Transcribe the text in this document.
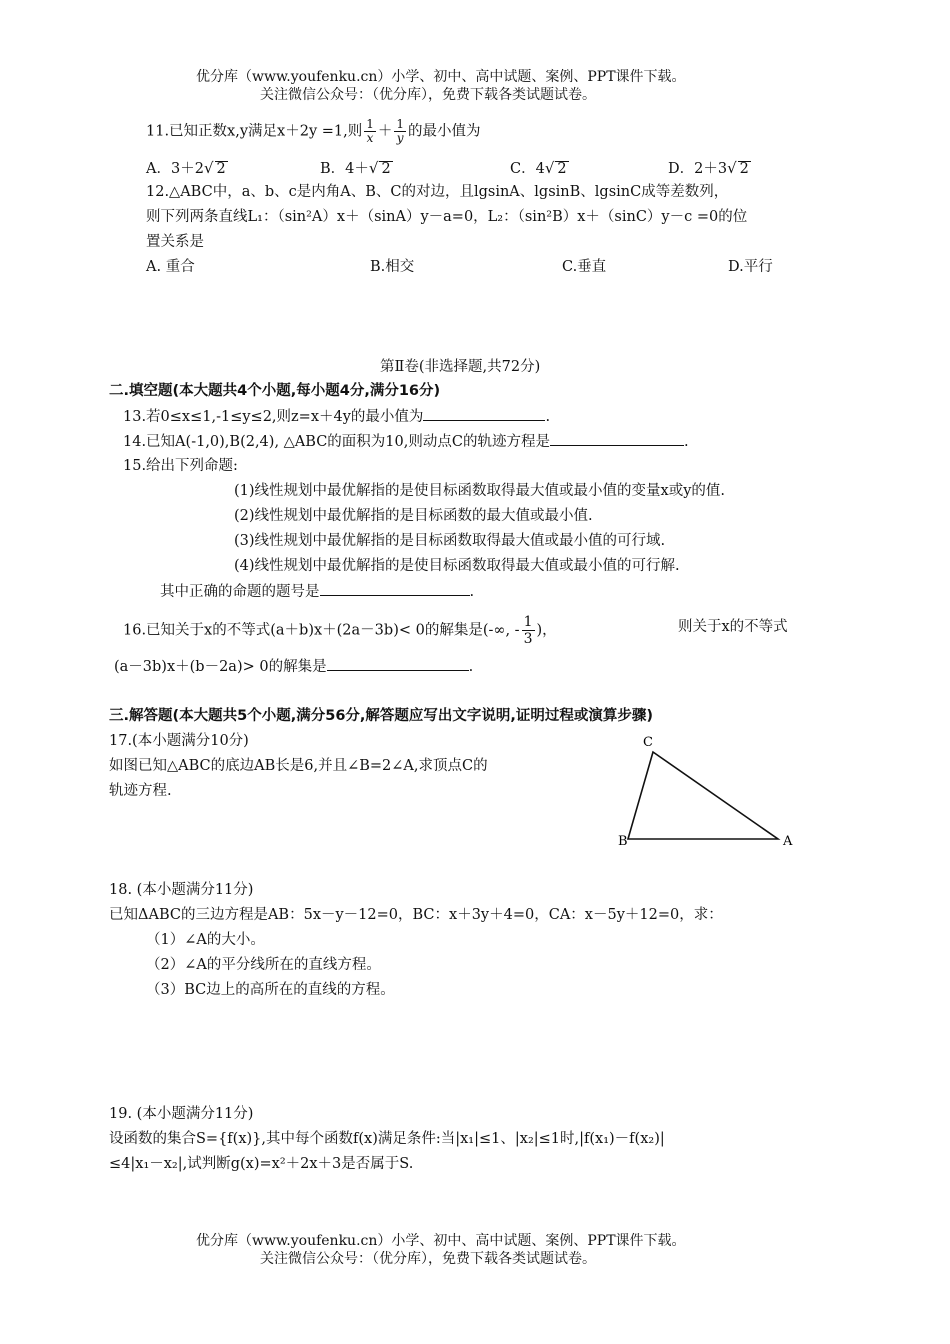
优分库（www.youfenku.cn）小学、初中、高中试题、案例、PPT课件下载。
关注微信公众号：（优分库），免费下载各类试题试卷。
11.已知正数x,y满足x＋2y =1,则 $\frac{1}{x} + \frac{1}{y}$ 的最小值为
A．3＋2√ 2	B．4＋√ 2	C．4√ 2	D．2＋3√ 2
12.△ABC中，a、b、c是内角A、B、C的对边，且lgsinA、lgsinB、lgsinC成等差数列，
则下列两条直线L₁：（sin²A）x＋（sinA）y－a=0，L₂：（sin²B）x＋（sinC）y－c =0的位
置关系是
A. 重合	B.相交	C.垂直	D.平行
第Ⅱ卷(非选择题,共72分)
二.填空题(本大题共4个小题,每小题4分,满分16分)
13.若0≤x≤1,-1≤y≤2,则z=x＋4y的最小值为	.
14.已知A(-1,0),B(2,4), △ABC的面积为10,则动点C的轨迹方程是	.
15.给出下列命题:
(1)线性规划中最优解指的是使目标函数取得最大值或最小值的变量x或y的值.
(2)线性规划中最优解指的是目标函数的最大值或最小值.
(3)线性规划中最优解指的是目标函数取得最大值或最小值的可行域.
(4)线性规划中最优解指的是使目标函数取得最大值或最小值的可行解.
其中正确的命题的题号是	.
16.已知关于x的不等式(a＋b)x＋(2a－3b)< 0的解集是(-∞, - $\frac{1}{3}$ )，	则关于x的不等式
(a－3b)x＋(b－2a)> 0的解集是	.
三.解答题(本大题共5个小题,满分56分,解答题应写出文字说明,证明过程或演算步骤)
17.(本小题满分10分)
如图已知△ABC的底边AB长是6,并且∠B=2∠A,求顶点C的
轨迹方程.
C
B	A
18. (本小题满分11分)
已知ΔABC的三边方程是AB：5x－y－12=0，BC：x＋3y＋4=0，CA：x－5y＋12=0，求：
（1）∠A的大小。
（2）∠A的平分线所在的直线方程。
（3）BC边上的高所在的直线的方程。
19. (本小题满分11分)
设函数的集合S={f(x)},其中每个函数f(x)满足条件:当|x₁|≤1、|x₂|≤1时,|f(x₁)－f(x₂)|
≤4|x₁－x₂|,试判断g(x)=x²＋2x＋3是否属于S.
优分库（www.youfenku.cn）小学、初中、高中试题、案例、PPT课件下载。
关注微信公众号：（优分库），免费下载各类试题试卷。
